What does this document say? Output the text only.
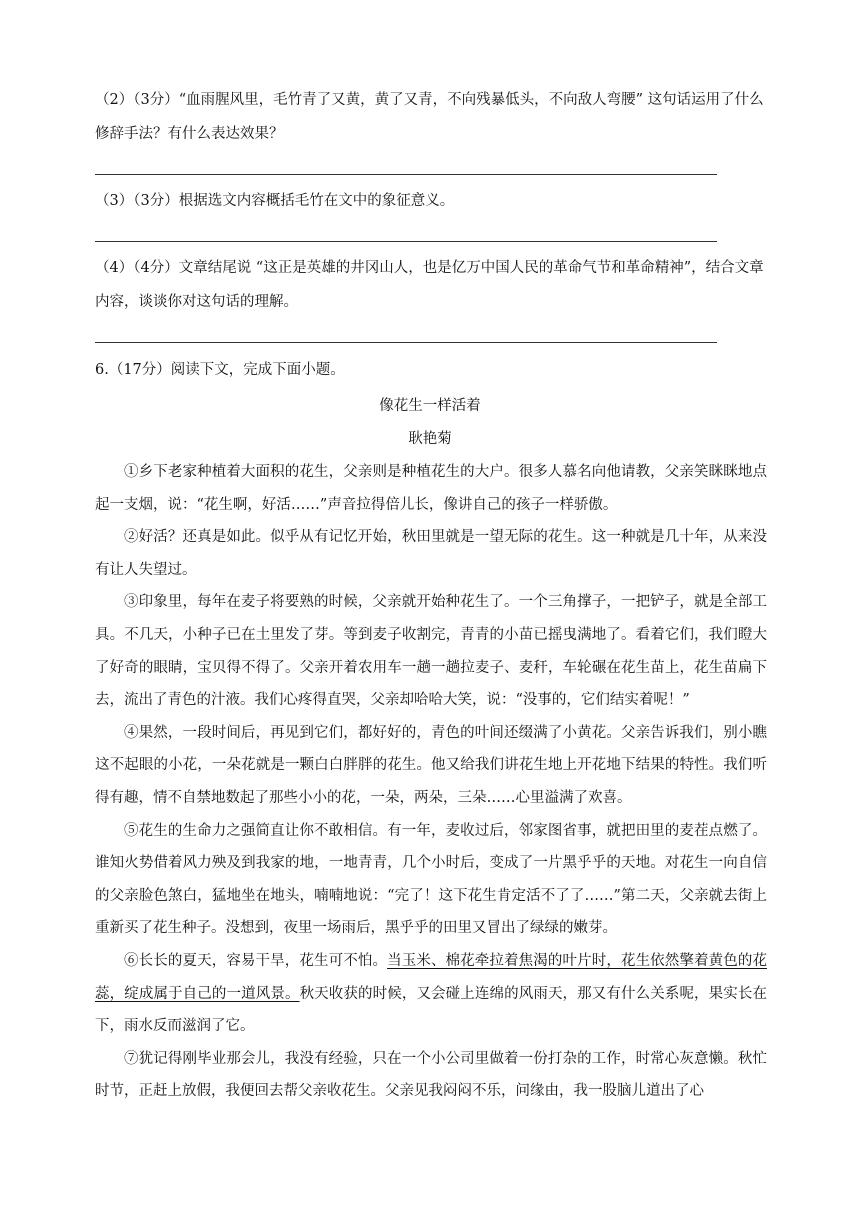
（2）（3分）“血雨腥风里，毛竹青了又黄，黄了又青，不向残暴低头，不向敌人弯腰” 这句话运用了什么修辞手法？有什么表达效果？

（3）（3分）根据选文内容概括毛竹在文中的象征意义。

（4）（4分）文章结尾说 “这正是英雄的井冈山人，也是亿万中国人民的革命气节和革命精神”，结合文章内容，谈谈你对这句话的理解。

6.（17分）阅读下文，完成下面小题。

像花生一样活着
耿艳菊

①乡下老家种植着大面积的花生，父亲则是种植花生的大户。很多人慕名向他请教，父亲笑眯眯地点起一支烟，说：“花生啊，好活……”声音拉得倍儿长，像讲自己的孩子一样骄傲。

②好活？还真是如此。似乎从有记忆开始，秋田里就是一望无际的花生。这一种就是几十年，从来没有让人失望过。

③印象里，每年在麦子将要熟的时候，父亲就开始种花生了。一个三角撑子，一把铲子，就是全部工具。不几天，小种子已在土里发了芽。等到麦子收割完，青青的小苗已摇曳满地了。看着它们，我们瞪大了好奇的眼睛，宝贝得不得了。父亲开着农用车一趟一趟拉麦子、麦秆，车轮碾在花生苗上，花生苗扁下去，流出了青色的汁液。我们心疼得直哭，父亲却哈哈大笑，说：“没事的，它们结实着呢！”

④果然，一段时间后，再见到它们，都好好的，青色的叶间还缀满了小黄花。父亲告诉我们，别小瞧这不起眼的小花，一朵花就是一颗白白胖胖的花生。他又给我们讲花生地上开花地下结果的特性。我们听得有趣，情不自禁地数起了那些小小的花，一朵，两朵，三朵……心里溢满了欢喜。

⑤花生的生命力之强简直让你不敢相信。有一年，麦收过后，邻家图省事，就把田里的麦茬点燃了。谁知火势借着风力殃及到我家的地，一地青青，几个小时后，变成了一片黑乎乎的天地。对花生一向自信的父亲脸色煞白，猛地坐在地头，喃喃地说：“完了！这下花生肯定活不了了……”第二天，父亲就去街上重新买了花生种子。没想到，夜里一场雨后，黑乎乎的田里又冒出了绿绿的嫩芽。

⑥长长的夏天，容易干旱，花生可不怕。当玉米、棉花牵拉着焦渴的叶片时，花生依然擎着黄色的花蕊，绽成属于自己的一道风景。秋天收获的时候，又会碰上连绵的风雨天，那又有什么关系呢，果实长在下，雨水反而滋润了它。

⑦犹记得刚毕业那会儿，我没有经验，只在一个小公司里做着一份打杂的工作，时常心灰意懒。秋忙时节，正赶上放假，我便回去帮父亲收花生。父亲见我闷闷不乐，问缘由，我一股脑儿道出了心
